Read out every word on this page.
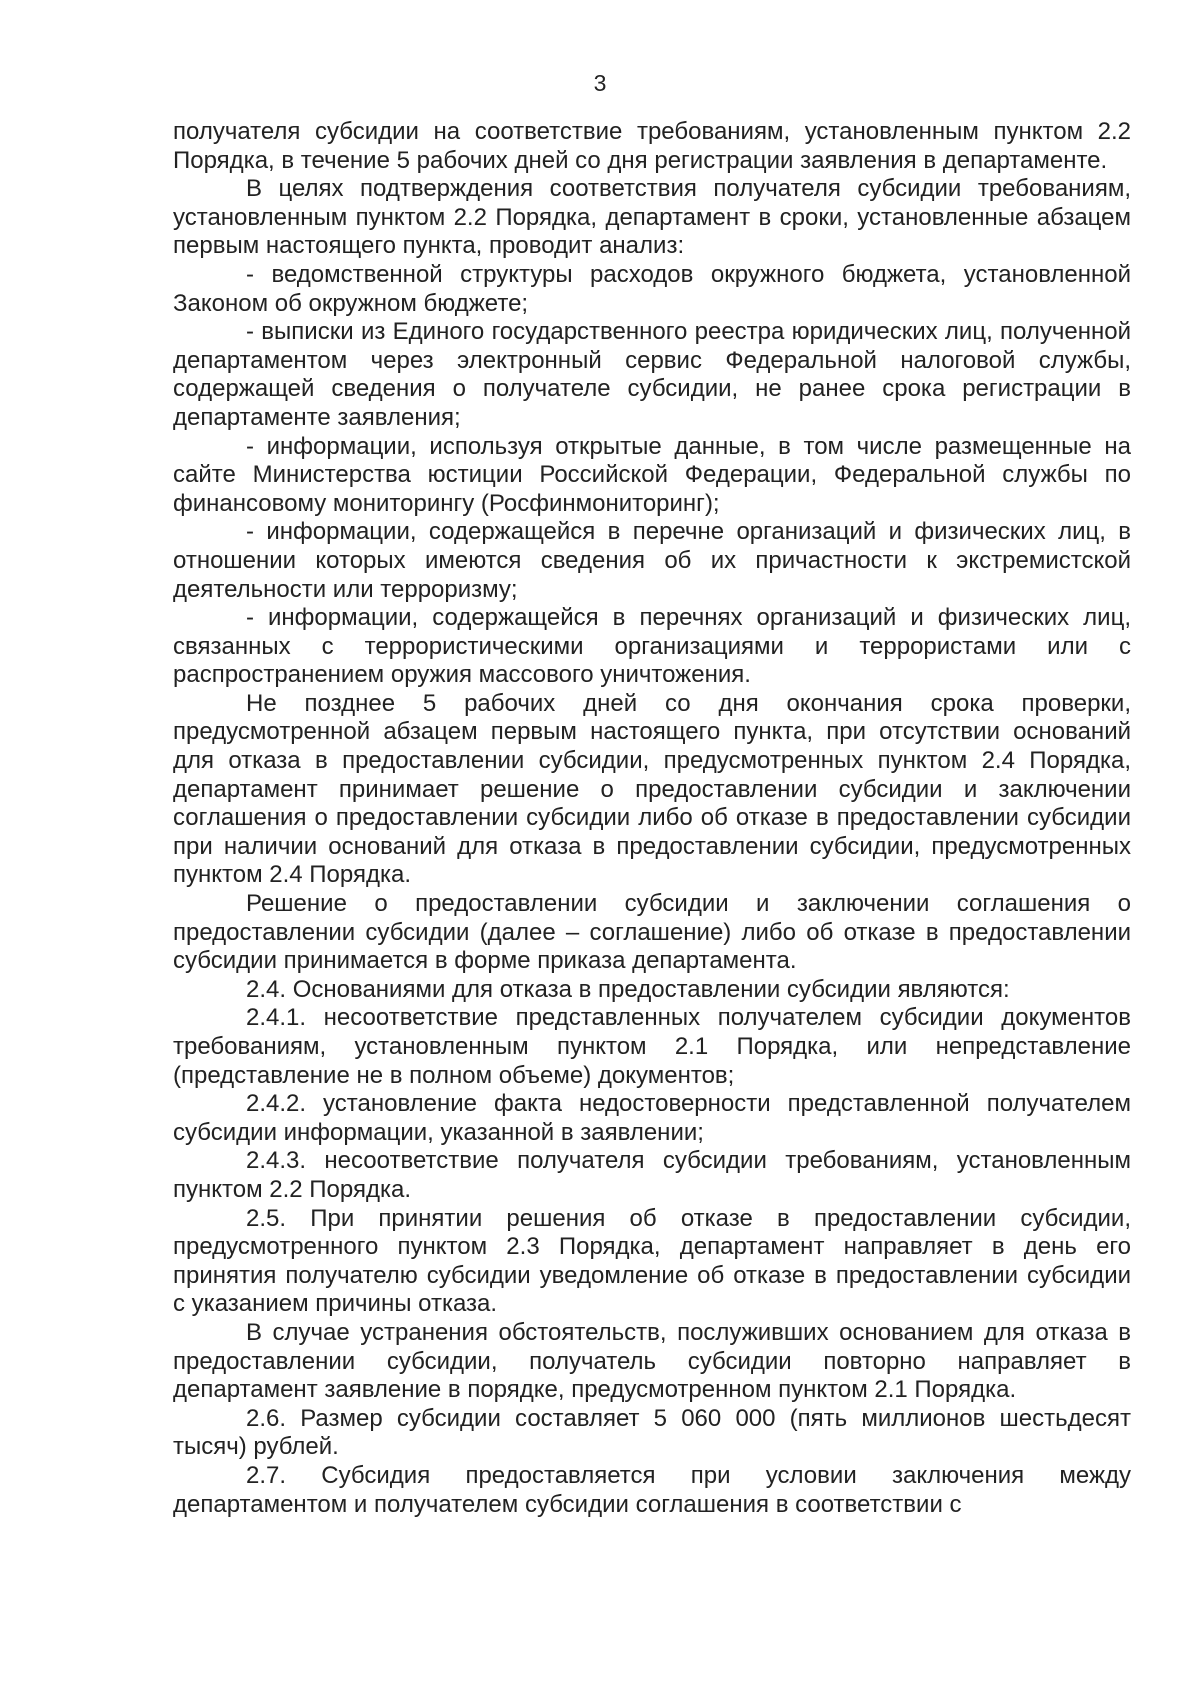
3

получателя субсидии на соответствие требованиям, установленным пунктом 2.2 Порядка, в течение 5 рабочих дней со дня регистрации заявления в департаменте.

В целях подтверждения соответствия получателя субсидии требованиям, установленным пунктом 2.2 Порядка, департамент в сроки, установленные абзацем первым настоящего пункта, проводит анализ:

- ведомственной структуры расходов окружного бюджета, установленной Законом об окружном бюджете;

- выписки из Единого государственного реестра юридических лиц, полученной департаментом через электронный сервис Федеральной налоговой службы, содержащей сведения о получателе субсидии, не ранее срока регистрации в департаменте заявления;

- информации, используя открытые данные, в том числе размещенные на сайте Министерства юстиции Российской Федерации, Федеральной службы по финансовому мониторингу (Росфинмониторинг);

- информации, содержащейся в перечне организаций и физических лиц, в отношении которых имеются сведения об их причастности к экстремистской деятельности или терроризму;

- информации, содержащейся в перечнях организаций и физических лиц, связанных с террористическими организациями и террористами или с распространением оружия массового уничтожения.

Не позднее 5 рабочих дней со дня окончания срока проверки, предусмотренной абзацем первым настоящего пункта, при отсутствии оснований для отказа в предоставлении субсидии, предусмотренных пунктом 2.4 Порядка, департамент принимает решение о предоставлении субсидии и заключении соглашения о предоставлении субсидии либо об отказе в предоставлении субсидии при наличии оснований для отказа в предоставлении субсидии, предусмотренных пунктом 2.4 Порядка.

Решение о предоставлении субсидии и заключении соглашения о предоставлении субсидии (далее – соглашение) либо об отказе в предоставлении субсидии принимается в форме приказа департамента.

2.4. Основаниями для отказа в предоставлении субсидии являются:

2.4.1. несоответствие представленных получателем субсидии документов требованиям, установленным пунктом 2.1 Порядка, или непредставление (представление не в полном объеме) документов;

2.4.2. установление факта недостоверности представленной получателем субсидии информации, указанной в заявлении;

2.4.3. несоответствие получателя субсидии требованиям, установленным пунктом 2.2 Порядка.

2.5. При принятии решения об отказе в предоставлении субсидии, предусмотренного пунктом 2.3 Порядка, департамент направляет в день его принятия получателю субсидии уведомление об отказе в предоставлении субсидии с указанием причины отказа.

В случае устранения обстоятельств, послуживших основанием для отказа в предоставлении субсидии, получатель субсидии повторно направляет в департамент заявление в порядке, предусмотренном пунктом 2.1 Порядка.

2.6. Размер субсидии составляет 5 060 000 (пять миллионов шестьдесят тысяч) рублей.

2.7. Субсидия предоставляется при условии заключения между департаментом и получателем субсидии соглашения в соответствии с
